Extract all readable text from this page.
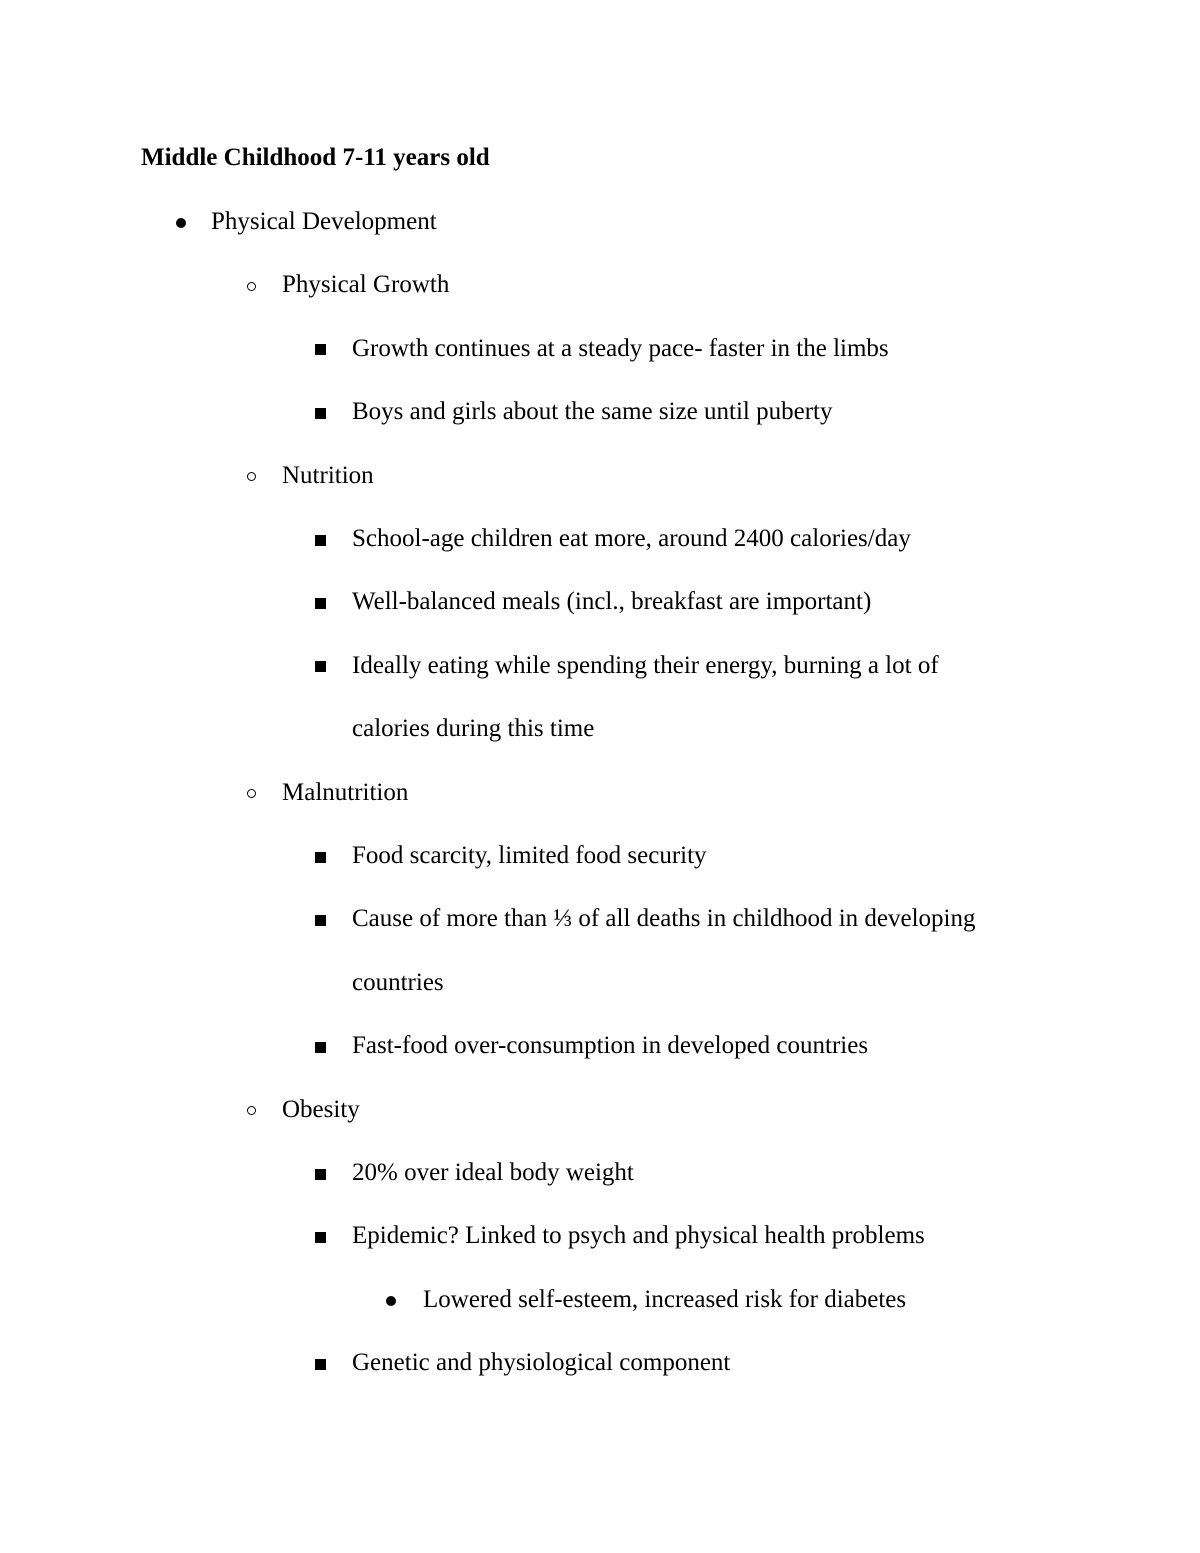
Middle Childhood 7-11 years old
Physical Development
Physical Growth
Growth continues at a steady pace- faster in the limbs
Boys and girls about the same size until puberty
Nutrition
School-age children eat more, around 2400 calories/day
Well-balanced meals (incl., breakfast are important)
Ideally eating while spending their energy, burning a lot of
calories during this time
Malnutrition
Food scarcity, limited food security
Cause of more than ⅓ of all deaths in childhood in developing
countries
Fast-food over-consumption in developed countries
Obesity
20% over ideal body weight
Epidemic? Linked to psych and physical health problems
Lowered self-esteem, increased risk for diabetes
Genetic and physiological component
